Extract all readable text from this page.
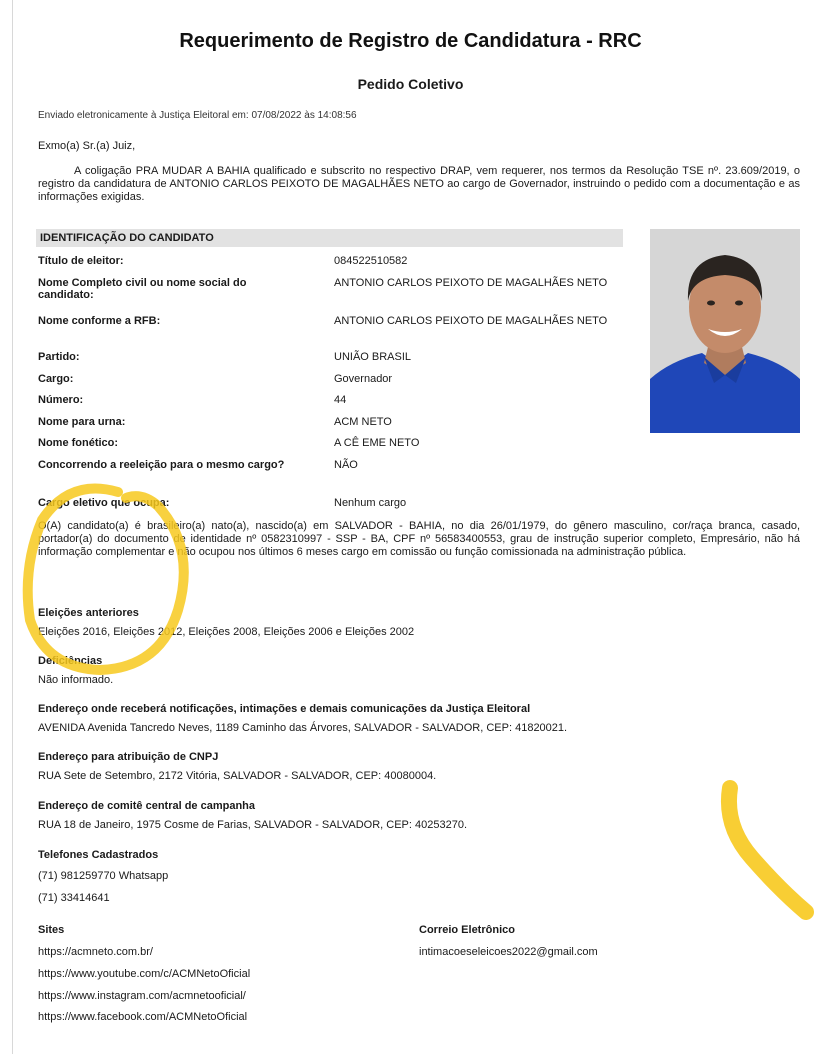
Requerimento de Registro de Candidatura - RRC
Pedido Coletivo
Enviado eletronicamente à Justiça Eleitoral em: 07/08/2022 às 14:08:56
Exmo(a) Sr.(a) Juiz,
A coligação PRA MUDAR A BAHIA qualificado e subscrito no respectivo DRAP, vem requerer, nos termos da Resolução TSE nº. 23.609/2019, o registro da candidatura de ANTONIO CARLOS PEIXOTO DE MAGALHÃES NETO ao cargo de Governador, instruindo o pedido com a documentação e as informações exigidas.
IDENTIFICAÇÃO DO CANDIDATO
Título de eleitor:	084522510582
Nome Completo civil ou nome social do candidato:
ANTONIO CARLOS PEIXOTO DE MAGALHÃES NETO
Nome conforme a RFB:	ANTONIO CARLOS PEIXOTO DE MAGALHÃES NETO
Partido:	UNIÃO BRASIL
Cargo:	Governador
Número:	44
Nome para urna:	ACM NETO
Nome fonético:	A CÊ EME NETO
Concorrendo a reeleição para o mesmo cargo?	NÃO
Cargo eletivo que ocupa:	Nenhum cargo
O(A) candidato(a) é brasileiro(a) nato(a), nascido(a) em SALVADOR - BAHIA, no dia 26/01/1979, do gênero masculino, cor/raça branca, casado, portador(a) do documento de identidade nº 0582310997 - SSP - BA, CPF nº 56583400553, grau de instrução superior completo, Empresário, não há informação complementar e não ocupou nos últimos 6 meses cargo em comissão ou função comissionada na administração pública.
Eleições anteriores
Eleições 2016, Eleições 2012, Eleições 2008, Eleições 2006 e Eleições 2002
Deficiências
Não informado.
Endereço onde receberá notificações, intimações e demais comunicações da Justiça Eleitoral
AVENIDA Avenida Tancredo Neves, 1189 Caminho das Árvores, SALVADOR - SALVADOR, CEP: 41820021.
Endereço para atribuição de CNPJ
RUA Sete de Setembro, 2172 Vitória, SALVADOR - SALVADOR, CEP: 40080004.
Endereço de comitê central de campanha
RUA 18 de Janeiro, 1975 Cosme de Farias, SALVADOR - SALVADOR, CEP: 40253270.
Telefones Cadastrados
(71) 981259770 Whatsapp
(71) 33414641
Sites
https://acmneto.com.br/
https://www.youtube.com/c/ACMNetoOficial
https://www.instagram.com/acmnetooficial/
https://www.facebook.com/ACMNetoOficial
Correio Eletrônico
intimacoeseleicoes2022@gmail.com
